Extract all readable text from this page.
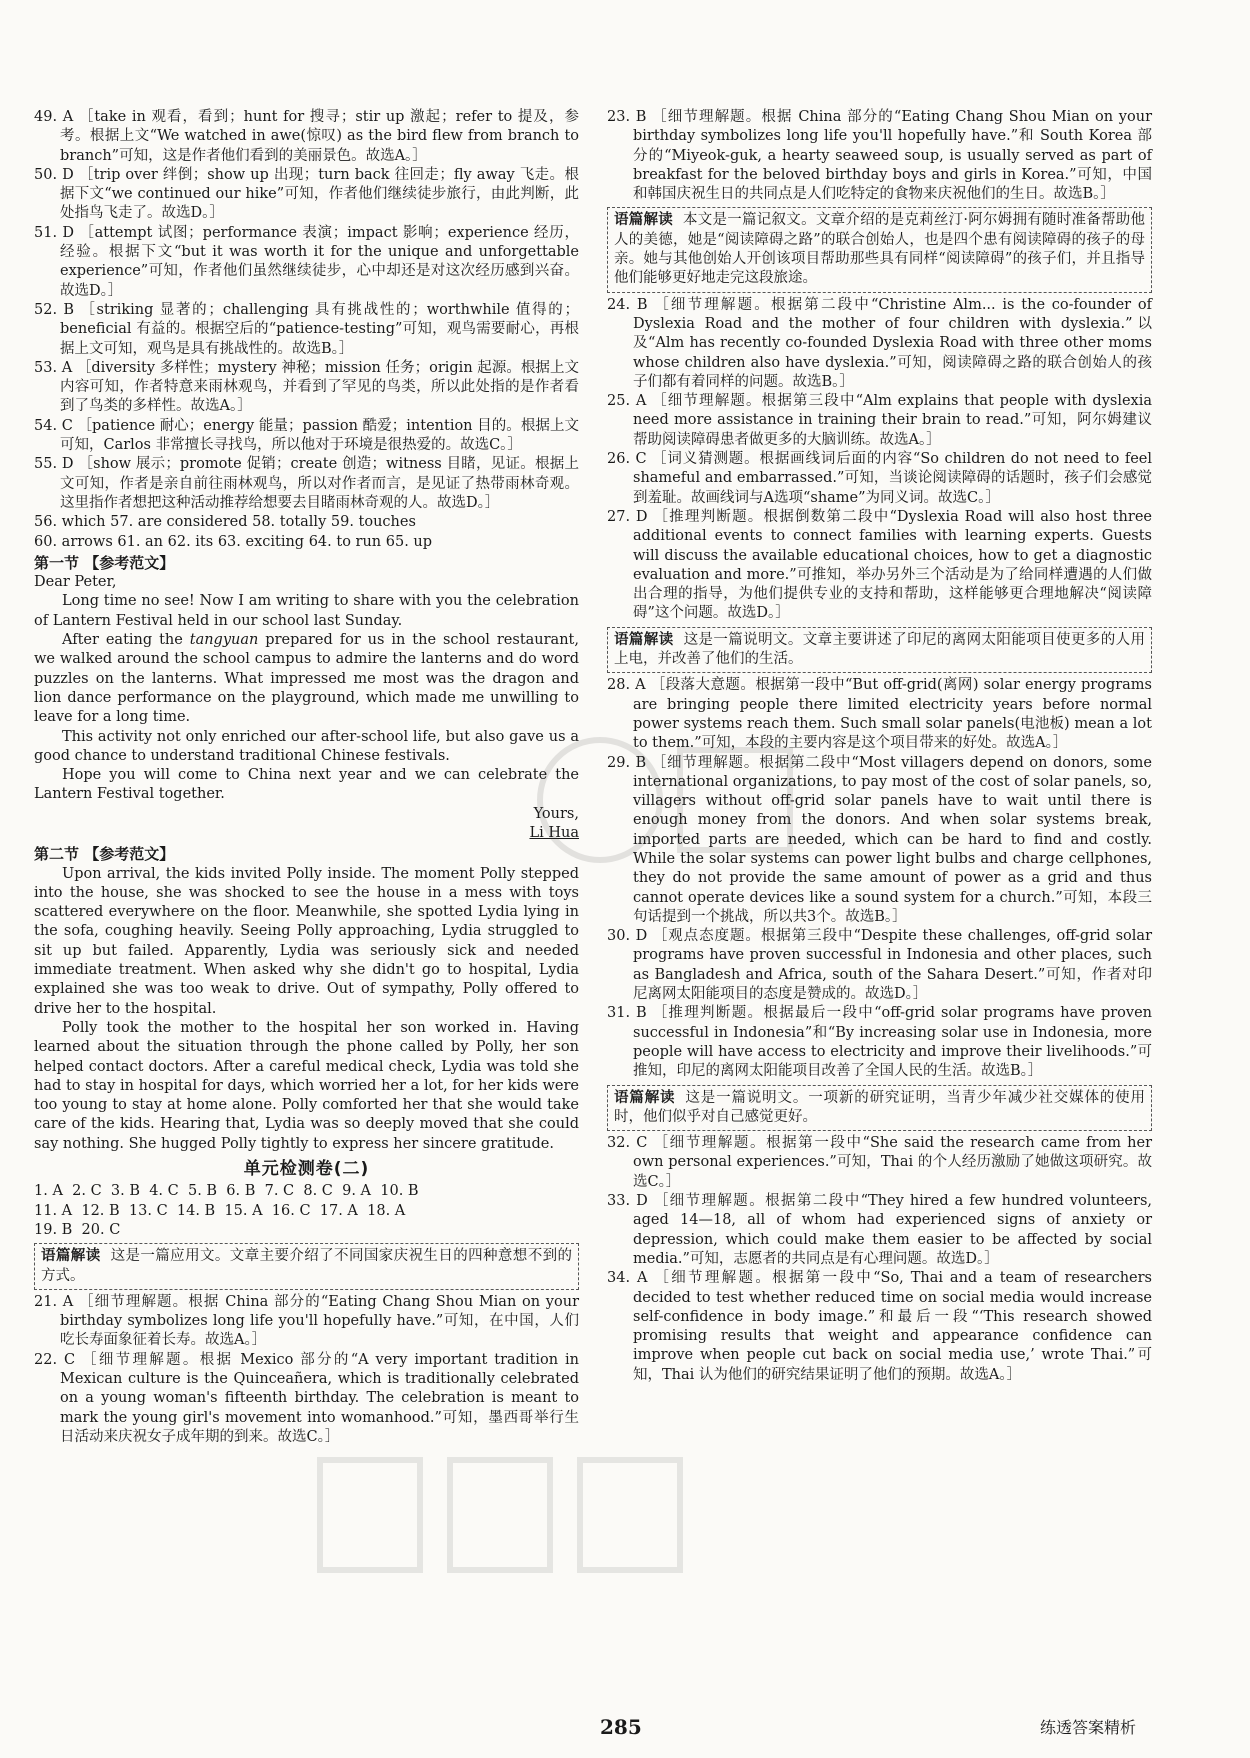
49. A ［take in 观看，看到；hunt for 搜寻；stir up 激起；refer to 提及，参考。根据上文“We watched in awe(惊叹) as the bird flew from branch to branch”可知，这是作者他们看到的美丽景色。故选A。］

50. D ［trip over 绊倒；show up 出现；turn back 往回走；fly away 飞走。根据下文“we continued our hike”可知，作者他们继续徒步旅行，由此判断，此处指鸟飞走了。故选D。］

51. D ［attempt 试图；performance 表演；impact 影响；experience 经历，经验。根据下文“but it was worth it for the unique and unforgettable experience”可知，作者他们虽然继续徒步，心中却还是对这次经历感到兴奋。故选D。］

52. B ［striking 显著的；challenging 具有挑战性的；worthwhile 值得的；beneficial 有益的。根据空后的“patience-testing”可知，观鸟需要耐心，再根据上文可知，观鸟是具有挑战性的。故选B。］

53. A ［diversity 多样性；mystery 神秘；mission 任务；origin 起源。根据上文内容可知，作者特意来雨林观鸟，并看到了罕见的鸟类，所以此处指的是作者看到了鸟类的多样性。故选A。］

54. C ［patience 耐心；energy 能量；passion 酷爱；intention 目的。根据上文可知，Carlos 非常擅长寻找鸟，所以他对于环境是很热爱的。故选C。］

55. D ［show 展示；promote 促销；create 创造；witness 目睹，见证。根据上文可知，作者是亲自前往雨林观鸟，所以对作者而言，是见证了热带雨林奇观。这里指作者想把这种活动推荐给想要去目睹雨林奇观的人。故选D。］

56. which 57. are considered 58. totally 59. touches

60. arrows 61. an 62. its 63. exciting 64. to run 65. up

第一节 【参考范文】

Dear Peter,

Long time no see! Now I am writing to share with you the celebration of Lantern Festival held in our school last Sunday.

After eating the tangyuan prepared for us in the school restaurant, we walked around the school campus to admire the lanterns and do word puzzles on the lanterns. What impressed me most was the dragon and lion dance performance on the playground, which made me unwilling to leave for a long time.

This activity not only enriched our after-school life, but also gave us a good chance to understand traditional Chinese festivals.

Hope you will come to China next year and we can celebrate the Lantern Festival together.

Yours,

Li Hua

第二节 【参考范文】

Upon arrival, the kids invited Polly inside. The moment Polly stepped into the house, she was shocked to see the house in a mess with toys scattered everywhere on the floor. Meanwhile, she spotted Lydia lying in the sofa, coughing heavily. Seeing Polly approaching, Lydia struggled to sit up but failed. Apparently, Lydia was seriously sick and needed immediate treatment. When asked why she didn't go to hospital, Lydia explained she was too weak to drive. Out of sympathy, Polly offered to drive her to the hospital.

Polly took the mother to the hospital her son worked in. Having learned about the situation through the phone called by Polly, her son helped contact doctors. After a careful medical check, Lydia was told she had to stay in hospital for days, which worried her a lot, for her kids were too young to stay at home alone. Polly comforted her that she would take care of the kids. Hearing that, Lydia was so deeply moved that she could say nothing. She hugged Polly tightly to express her sincere gratitude.

单元检测卷(二)

1. A  2. C  3. B  4. C  5. B  6. B  7. C  8. C  9. A  10. B

11. A  12. B  13. C  14. B  15. A  16. C  17. A  18. A

19. B  20. C

语篇解读 这是一篇应用文。文章主要介绍了不同国家庆祝生日的四种意想不到的方式。

21. A ［细节理解题。根据 China 部分的“Eating Chang Shou Mian on your birthday symbolizes long life you'll hopefully have.”可知，在中国，人们吃长寿面象征着长寿。故选A。］

22. C ［细节理解题。根据 Mexico 部分的“A very important tradition in Mexican culture is the Quinceañera, which is traditionally celebrated on a young woman's fifteenth birthday. The celebration is meant to mark the young girl's movement into womanhood.”可知，墨西哥举行生日活动来庆祝女子成年期的到来。故选C。］

23. B ［细节理解题。根据 China 部分的“Eating Chang Shou Mian on your birthday symbolizes long life you'll hopefully have.”和 South Korea 部分的“Miyeok-guk, a hearty seaweed soup, is usually served as part of breakfast for the beloved birthday boys and girls in Korea.”可知，中国和韩国庆祝生日的共同点是人们吃特定的食物来庆祝他们的生日。故选B。］

语篇解读 本文是一篇记叙文。文章介绍的是克莉丝汀·阿尔姆拥有随时准备帮助他人的美德，她是“阅读障碍之路”的联合创始人，也是四个患有阅读障碍的孩子的母亲。她与其他创始人开创该项目帮助那些具有同样“阅读障碍”的孩子们，并且指导他们能够更好地走完这段旅途。

24. B ［细节理解题。根据第二段中“Christine Alm... is the co-founder of Dyslexia Road and the mother of four children with dyslexia.”以及“Alm has recently co-founded Dyslexia Road with three other moms whose children also have dyslexia.”可知，阅读障碍之路的联合创始人的孩子们都有着同样的问题。故选B。］

25. A ［细节理解题。根据第三段中“Alm explains that people with dyslexia need more assistance in training their brain to read.”可知，阿尔姆建议帮助阅读障碍患者做更多的大脑训练。故选A。］

26. C ［词义猜测题。根据画线词后面的内容“So children do not need to feel shameful and embarrassed.”可知，当谈论阅读障碍的话题时，孩子们会感觉到羞耻。故画线词与A选项“shame”为同义词。故选C。］

27. D ［推理判断题。根据倒数第二段中“Dyslexia Road will also host three additional events to connect families with learning experts. Guests will discuss the available educational choices, how to get a diagnostic evaluation and more.”可推知，举办另外三个活动是为了给同样遭遇的人们做出合理的指导，为他们提供专业的支持和帮助，这样能够更合理地解决“阅读障碍”这个问题。故选D。］

语篇解读 这是一篇说明文。文章主要讲述了印尼的离网太阳能项目使更多的人用上电，并改善了他们的生活。

28. A ［段落大意题。根据第一段中“But off-grid(离网) solar energy programs are bringing people there limited electricity years before normal power systems reach them. Such small solar panels(电池板) mean a lot to them.”可知，本段的主要内容是这个项目带来的好处。故选A。］

29. B ［细节理解题。根据第二段中“Most villagers depend on donors, some international organizations, to pay most of the cost of solar panels, so, villagers without off-grid solar panels have to wait until there is enough money from the donors. And when solar systems break, imported parts are needed, which can be hard to find and costly. While the solar systems can power light bulbs and charge cellphones, they do not provide the same amount of power as a grid and thus cannot operate devices like a sound system for a church.”可知，本段三句话提到一个挑战，所以共3个。故选B。］

30. D ［观点态度题。根据第三段中“Despite these challenges, off-grid solar programs have proven successful in Indonesia and other places, such as Bangladesh and Africa, south of the Sahara Desert.”可知，作者对印尼离网太阳能项目的态度是赞成的。故选D。］

31. B ［推理判断题。根据最后一段中“off-grid solar programs have proven successful in Indonesia”和“By increasing solar use in Indonesia, more people will have access to electricity and improve their livelihoods.”可推知，印尼的离网太阳能项目改善了全国人民的生活。故选B。］

语篇解读 这是一篇说明文。一项新的研究证明，当青少年减少社交媒体的使用时，他们似乎对自己感觉更好。

32. C ［细节理解题。根据第一段中“She said the research came from her own personal experiences.”可知，Thai 的个人经历激励了她做这项研究。故选C。］

33. D ［细节理解题。根据第二段中“They hired a few hundred volunteers, aged 14—18, all of whom had experienced signs of anxiety or depression, which could make them easier to be affected by social media.”可知，志愿者的共同点是有心理问题。故选D。］

34. A ［细节理解题。根据第一段中“So, Thai and a team of researchers decided to test whether reduced time on social media would increase self-confidence in body image.”和最后一段“‘This research showed promising results that weight and appearance confidence can improve when people cut back on social media use,’ wrote Thai.”可知，Thai 认为他们的研究结果证明了他们的预期。故选A。］

285	练透答案精析
